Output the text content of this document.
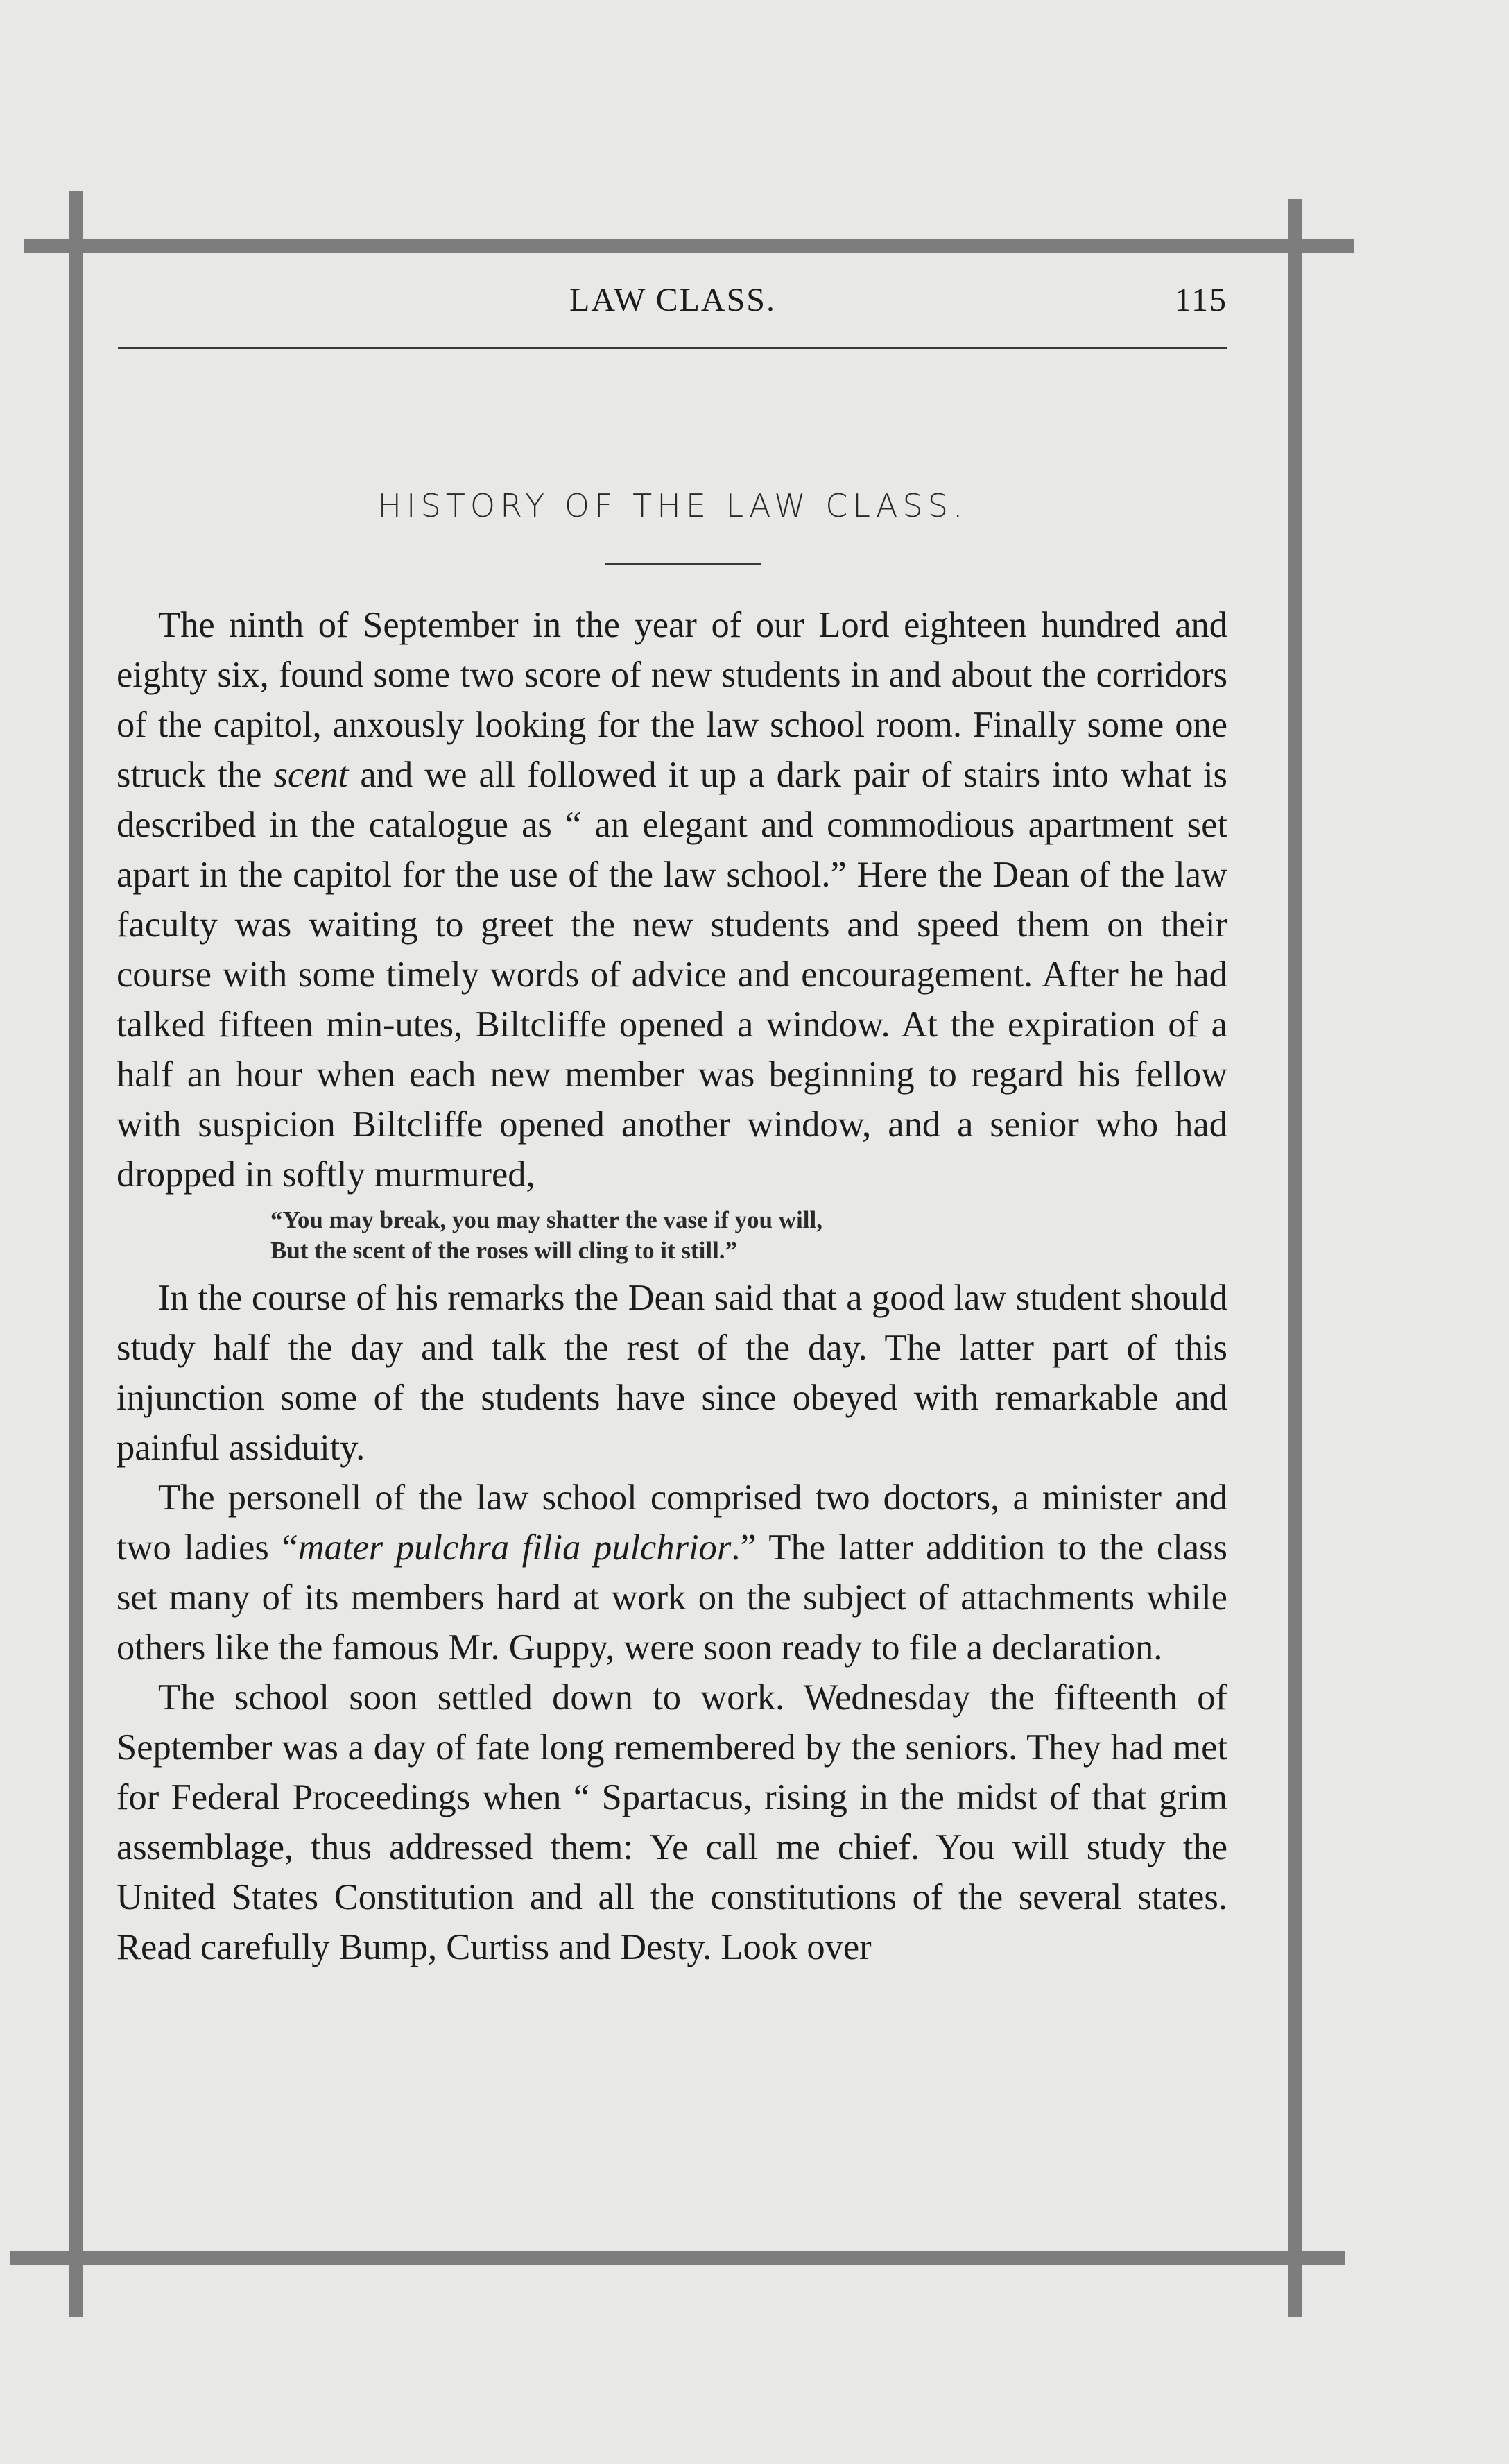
LAW CLASS.	115
HISTORY OF THE LAW CLASS.

The ninth of September in the year of our Lord eighteen hundred and eighty six, found some two score of new students in and about the corridors of the capitol, anxously looking for the law school room. Finally some one struck the scent and we all followed it up a dark pair of stairs into what is described in the catalogue as “ an elegant and commodious apartment set apart in the capitol for the use of the law school.” Here the Dean of the law faculty was waiting to greet the new students and speed them on their course with some timely words of advice and encouragement. After he had talked fifteen min-utes, Biltcliffe opened a window. At the expiration of a half an hour when each new member was beginning to regard his fellow with suspicion Biltcliffe opened another window, and a senior who had dropped in softly murmured,

“You may break, you may shatter the vase if you will,
But the scent of the roses will cling to it still.”

In the course of his remarks the Dean said that a good law student should study half the day and talk the rest of the day. The latter part of this injunction some of the students have since obeyed with remarkable and painful assiduity.

The personell of the law school comprised two doctors, a minister and two ladies “mater pulchra filia pulchrior.” The latter addition to the class set many of its members hard at work on the subject of attachments while others like the famous Mr. Guppy, were soon ready to file a declaration.

The school soon settled down to work. Wednesday the fifteenth of September was a day of fate long remembered by the seniors. They had met for Federal Proceedings when “ Spartacus, rising in the midst of that grim assemblage, thus addressed them: Ye call me chief. You will study the United States Constitution and all the constitutions of the several states. Read carefully Bump, Curtiss and Desty. Look over
